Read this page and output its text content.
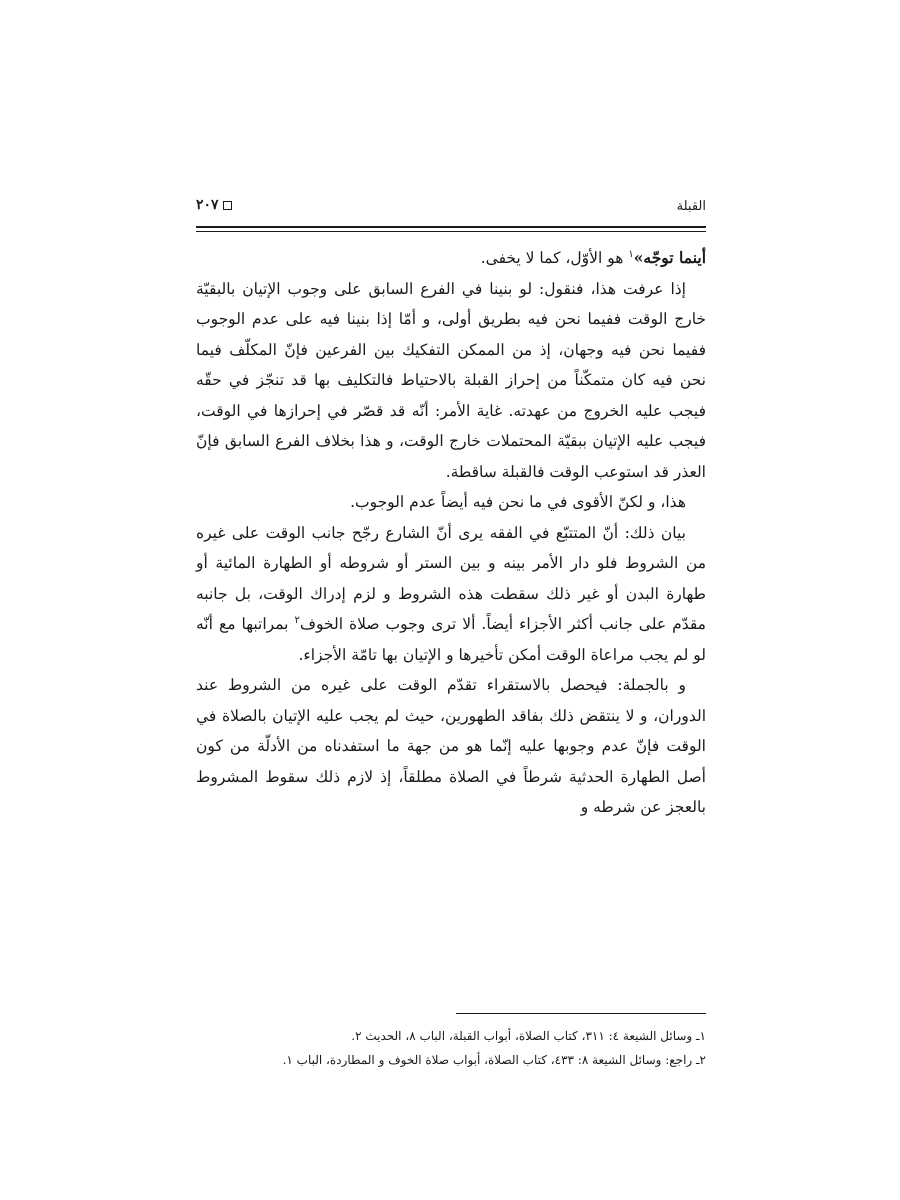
القبلة
٢٠٧

أينما توجّه»$^١$ هو الأوّل، كما لا يخفى.

إذا عرفت هذا، فنقول: لو بنينا في الفرع السابق على وجوب الإتيان بالبقيّة خارج الوقت ففيما نحن فيه بطريق أولى، و أمّا إذا بنينا فيه على عدم الوجوب ففيما نحن فيه وجهان، إذ من الممكن التفكيك بين الفرعين فإنّ المكلّف فيما نحن فيه كان متمكّناً من إحراز القبلة بالاحتياط فالتكليف بها قد تنجّز في حقّه فيجب عليه الخروج من عهدته. غاية الأمر: أنّه قد قصّر في إحرازها في الوقت، فيجب عليه الإتيان ببقيّة المحتملات خارج الوقت، و هذا بخلاف الفرع السابق فإنّ العذر قد استوعب الوقت فالقبلة ساقطة.

هذا، و لكنّ الأقوى في ما نحن فيه أيضاً عدم الوجوب.

بيان ذلك: أنّ المتتبّع في الفقه يرى أنّ الشارع رجّح جانب الوقت على غيره من الشروط فلو دار الأمر بينه و بين الستر أو شروطه أو الطهارة المائية أو طهارة البدن أو غير ذلك سقطت هذه الشروط و لزم إدراك الوقت، بل جانبه مقدّم على جانب أكثر الأجزاء أيضاً. ألا ترى وجوب صلاة الخوف$^٢$ بمراتبها مع أنّه لو لم يجب مراعاة الوقت أمكن تأخيرها و الإتيان بها تامّة الأجزاء.

و بالجملة: فيحصل بالاستقراء تقدّم الوقت على غيره من الشروط عند الدوران، و لا ينتقض ذلك بفاقد الطهورين، حيث لم يجب عليه الإتيان بالصلاة في الوقت فإنّ عدم وجوبها عليه إنّما هو من جهة ما استفدناه من الأدلّة من كون أصل الطهارة الحدثية شرطاً في الصلاة مطلقاً، إذ لازم ذلك سقوط المشروط بالعجز عن شرطه و

١ـ وسائل الشيعة ٤: ٣١١، كتاب الصلاة، أبواب القبلة، الباب ٨، الحديث ٢.

٢ـ راجع: وسائل الشيعة ٨: ٤٣٣، كتاب الصلاة، أبواب صلاة الخوف و المطاردة، الباب ١.
